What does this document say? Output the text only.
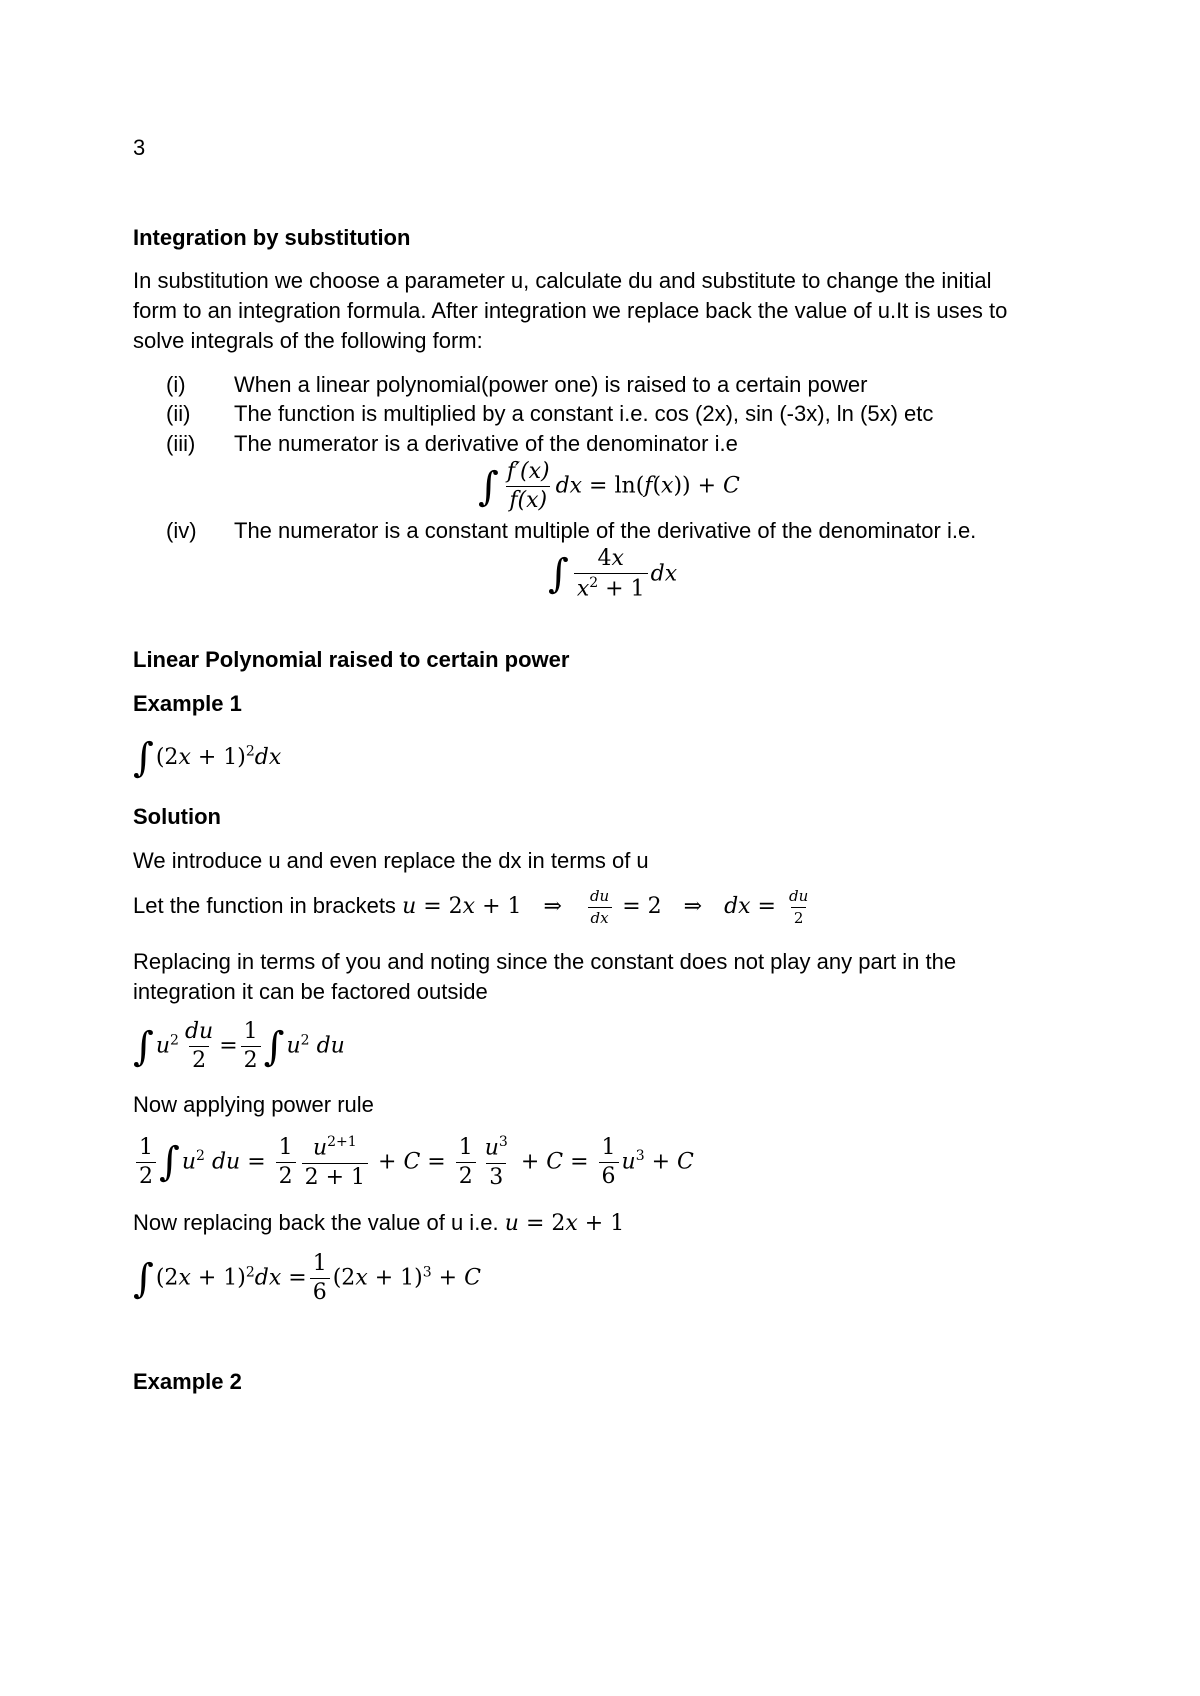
3
Integration by substitution
In substitution we choose a parameter u, calculate du and substitute to change the initial
form to an integration formula. After integration we replace back the value of u.It is uses to
solve integrals of the following form:
(i) When a linear polynomial(power one) is raised to a certain power
(ii) The function is multiplied by a constant i.e. cos (2x), sin (-3x), ln (5x) etc
(iii) The numerator is a derivative of the denominator i.e
∫ $\frac{f'(x)}{f(x)}$ dx = ln(f(x)) + C
(iv) The numerator is a constant multiple of the derivative of the denominator i.e.
∫ $\frac{4x}{x^2 + 1}$ dx
Linear Polynomial raised to certain power
Example 1
$\int(2x + 1)^2dx$
Solution
We introduce u and even replace the dx in terms of u
Let the function in brackets u = 2x + 1 ⇒ $\frac{du}{dx} = 2$ ⇒ dx = $\frac{du}{2}$
Replacing in terms of you and noting since the constant does not play any part in the
integration it can be factored outside
$\int u^2 \frac{du}{2} = \frac{1}{2} \int u^2$ du
Now applying power rule
$\frac{1}{2} \int u^2$ du = $\frac{1}{2} \frac{u^{2+1}}{2 + 1} + C = \frac{1}{2} \frac{u^3}{3} + C = \frac{1}{6} u^3 + C$
Now replacing back the value of u i.e. u = 2x + 1
$\int(2x + 1)^2dx = \frac{1}{6} (2x + 1)^3 + C$
Example 2
